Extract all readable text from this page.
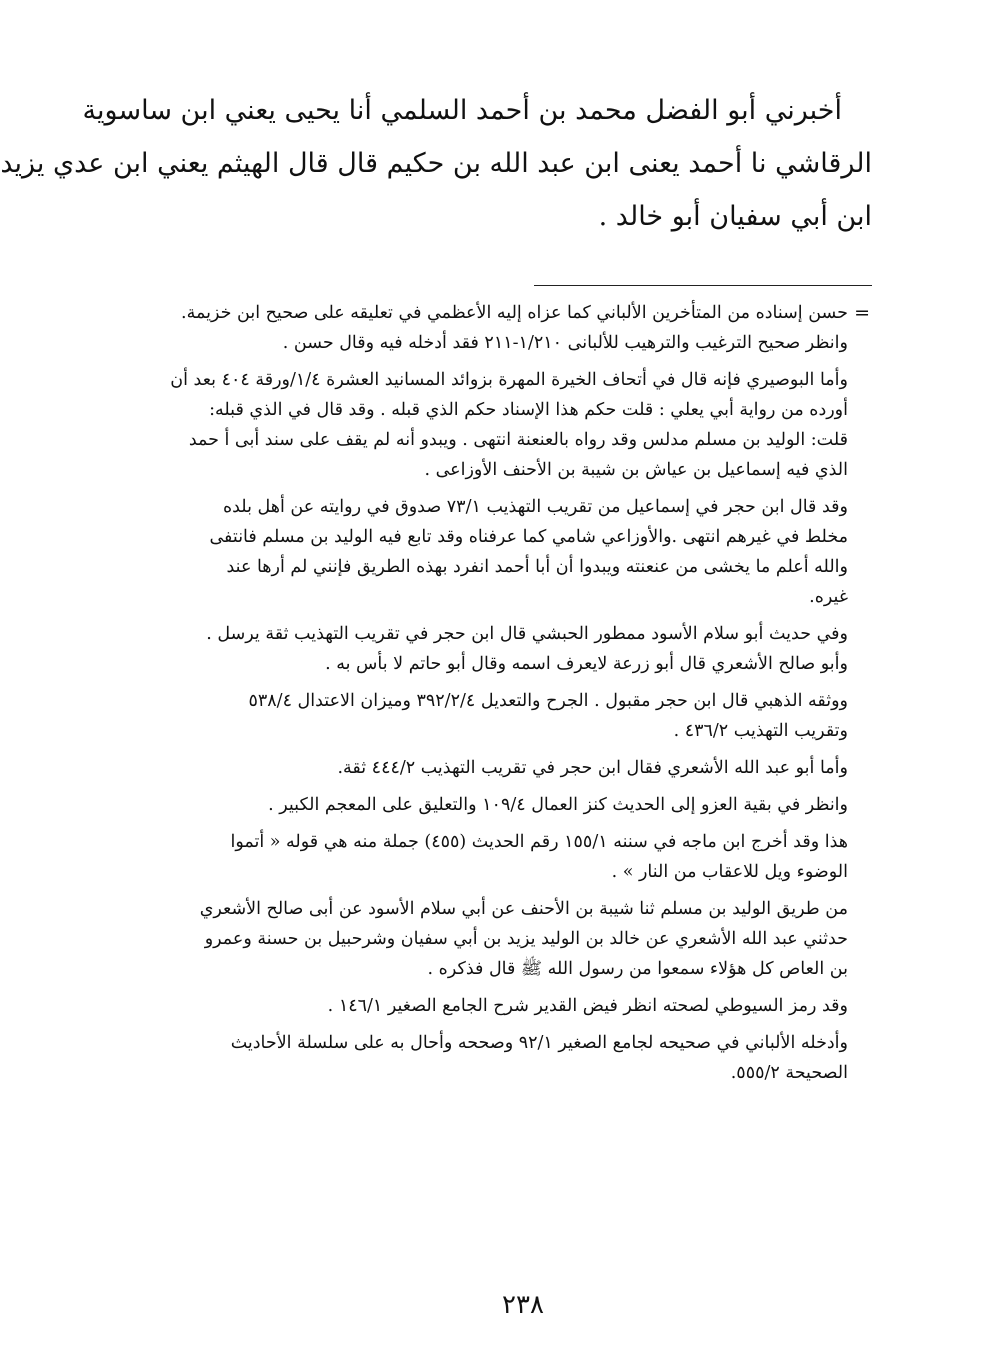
أخبرني أبو الفضل محمد بن أحمد السلمي أنا يحيى يعني ابن ساسوية
الرقاشي نا أحمد يعنى ابن عبد الله بن حكيم قال قال الهيثم يعني ابن عدي يزيد
ابن أبي سفيان أبو خالد .
=
حسن إسناده من المتأخرين الألباني كما عزاه إليه الأعظمي في تعليقه على صحيح ابن خزيمة.
وانظر صحيح الترغيب والترهيب للألبانى ١/٢١٠-٢١١ فقد أدخله فيه وقال حسن .
وأما البوصيري فإنه قال في أتحاف الخيرة المهرة بزوائد المسانيد العشرة ١/٤/ورقة ٤٠٤ بعد أن
أورده من رواية أبي يعلي : قلت حكم هذا الإسناد حكم الذي قبله . وقد قال في الذي قبله:
قلت: الوليد بن مسلم مدلس وقد رواه بالعنعنة انتهى . ويبدو أنه لم يقف على سند أبى أ حمد
الذي فيه إسماعيل بن عياش بن شيبة بن الأحنف الأوزاعى .
وقد قال ابن حجر في إسماعيل من تقريب التهذيب ٧٣/١ صدوق في روايته عن أهل بلده
مخلط في غيرهم انتهى .والأوزاعي شامي كما عرفناه وقد تابع فيه الوليد بن مسلم فانتفى
والله أعلم ما يخشى من عنعنته ويبدوا أن أبا أحمد انفرد بهذه الطريق فإنني لم أرها عند
غيره.
وفي حديث أبو سلام الأسود ممطور الحبشي قال ابن حجر في تقريب التهذيب ثقة يرسل .
وأبو صالح الأشعري قال أبو زرعة لايعرف اسمه وقال أبو حاتم لا بأس به .
ووثقه الذهبي قال ابن حجر مقبول . الجرح والتعديل ٣٩٢/٢/٤ وميزان الاعتدال ٥٣٨/٤
وتقريب التهذيب ٤٣٦/٢ .
وأما أبو عبد الله الأشعري فقال ابن حجر في تقريب التهذيب ٤٤٤/٢ ثقة.
وانظر في بقية العزو إلى الحديث كنز العمال ١٠٩/٤ والتعليق على المعجم الكبير .
هذا وقد أخرج ابن ماجه في سننه ١٥٥/١ رقم الحديث (٤٥٥) جملة منه هي قوله « أتموا
الوضوء ويل للاعقاب من النار » .
من طريق الوليد بن مسلم ثنا شيبة بن الأحنف عن أبي سلام الأسود عن أبى صالح الأشعري
حدثني عبد الله الأشعري عن خالد بن الوليد يزيد بن أبي سفيان وشرحبيل بن حسنة وعمرو
بن العاص كل هؤلاء سمعوا من رسول الله ﷺ قال فذكره .
وقد رمز السيوطي لصحته انظر فيض القدير شرح الجامع الصغير ١٤٦/١ .
وأدخله الألباني في صحيحه لجامع الصغير ٩٢/١ وصححه وأحال به على سلسلة الأحاديث
الصحيحة ٥٥٥/٢.
٢٣٨
